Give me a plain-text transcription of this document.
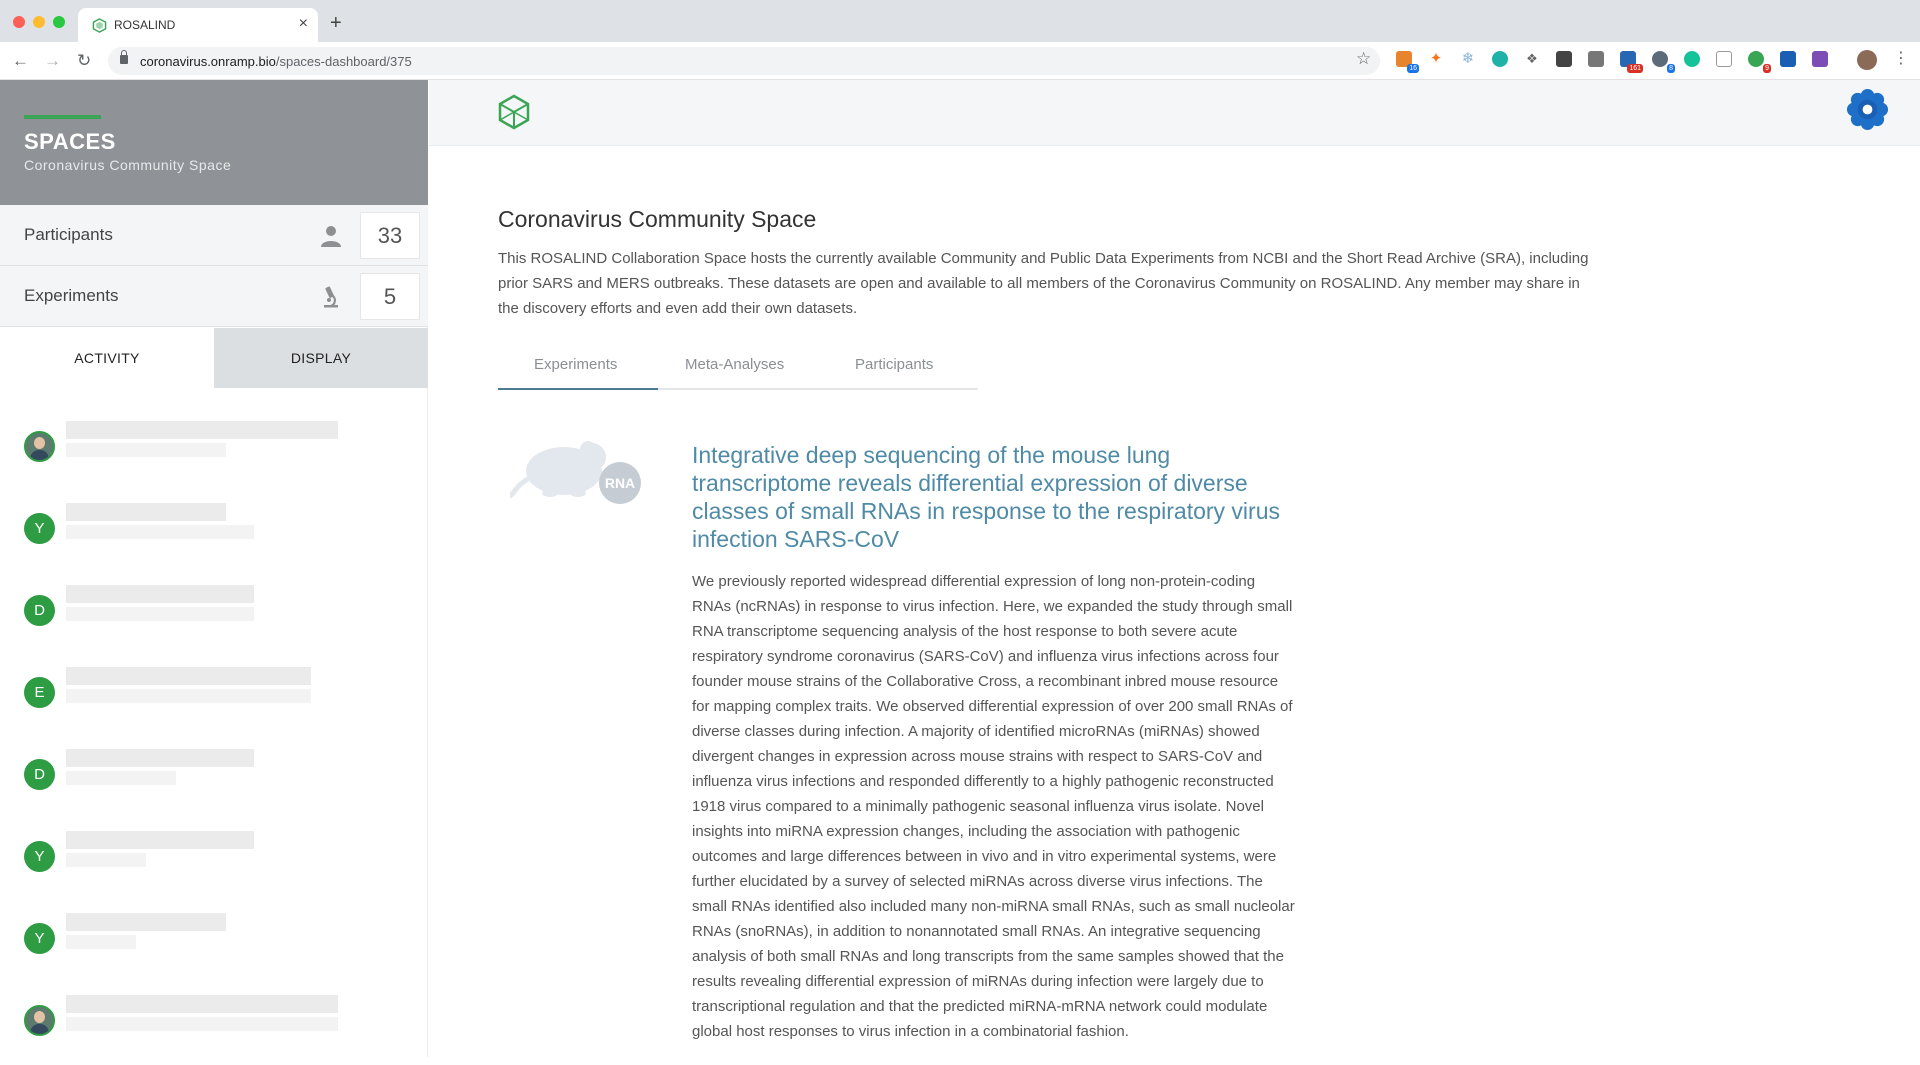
ROSALIND	× +
← → ↻	coronavirus.onramp.bio/spaces-dashboard/375	☆
16
✦ ❄	❖
161	8	9
⋮
SPACES
Coronavirus Community Space
Participants	33
Experiments	5
ACTIVITY	DISPLAY
Y
D
E
D
Y
Y
Coronavirus Community Space

This ROSALIND Collaboration Space hosts the currently available Community and Public Data Experiments from NCBI and the Short Read Archive (SRA), including prior SARS and MERS outbreaks. These datasets are open and available to all members of the Coronavirus Community on ROSALIND. Any member may share in the discovery efforts and even add their own datasets.

Experiments	Meta-Analyses	Participants
RNA
Integrative deep sequencing of the mouse lung transcriptome reveals differential expression of diverse classes of small RNAs in response to the respiratory virus infection SARS-CoV

We previously reported widespread differential expression of long non-protein-coding RNAs (ncRNAs) in response to virus infection. Here, we expanded the study through small RNA transcriptome sequencing analysis of the host response to both severe acute respiratory syndrome coronavirus (SARS-CoV) and influenza virus infections across four founder mouse strains of the Collaborative Cross, a recombinant inbred mouse resource for mapping complex traits. We observed differential expression of over 200 small RNAs of diverse classes during infection. A majority of identified microRNAs (miRNAs) showed divergent changes in expression across mouse strains with respect to SARS-CoV and influenza virus infections and responded differently to a highly pathogenic reconstructed 1918 virus compared to a minimally pathogenic seasonal influenza virus isolate. Novel insights into miRNA expression changes, including the association with pathogenic outcomes and large differences between in vivo and in vitro experimental systems, were further elucidated by a survey of selected miRNAs across diverse virus infections. The small RNAs identified also included many non-miRNA small RNAs, such as small nucleolar RNAs (snoRNAs), in addition to nonannotated small RNAs. An integrative sequencing analysis of both small RNAs and long transcripts from the same samples showed that the results revealing differential expression of miRNAs during infection were largely due to transcriptional regulation and that the predicted miRNA-mRNA network could modulate global host responses to virus infection in a combinatorial fashion.
